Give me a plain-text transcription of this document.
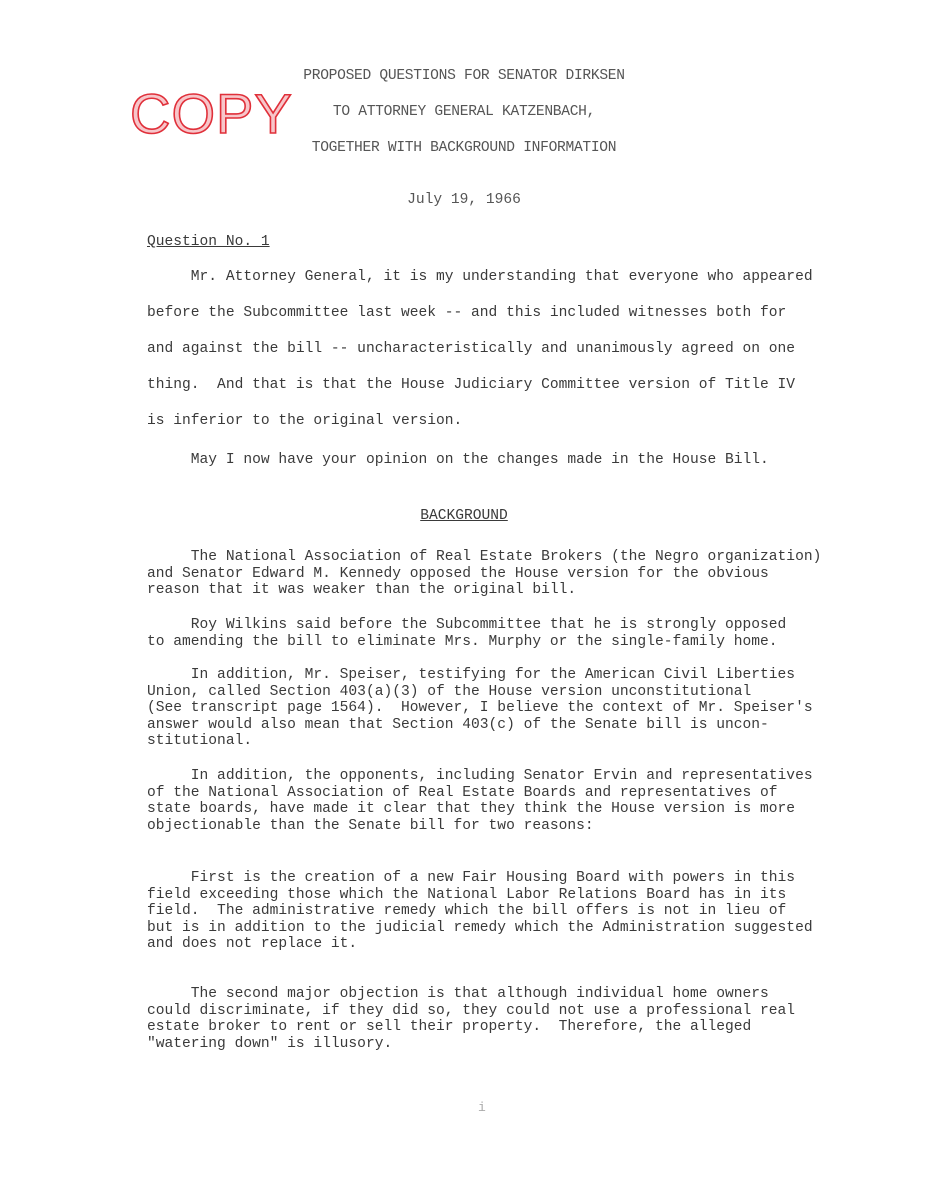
PROPOSED QUESTIONS FOR SENATOR DIRKSEN
TO ATTORNEY GENERAL KATZENBACH,
TOGETHER WITH BACKGROUND INFORMATION
COPY
July 19, 1966
Question No. 1
Mr. Attorney General, it is my understanding that everyone who appeared
before the Subcommittee last week -- and this included witnesses both for
and against the bill -- uncharacteristically and unanimously agreed on one
thing.  And that is that the House Judiciary Committee version of Title IV
is inferior to the original version.
May I now have your opinion on the changes made in the House Bill.
BACKGROUND
The National Association of Real Estate Brokers (the Negro organization)
and Senator Edward M. Kennedy opposed the House version for the obvious
reason that it was weaker than the original bill.
Roy Wilkins said before the Subcommittee that he is strongly opposed
to amending the bill to eliminate Mrs. Murphy or the single-family home.
In addition, Mr. Speiser, testifying for the American Civil Liberties
Union, called Section 403(a)(3) of the House version unconstitutional
(See transcript page 1564).  However, I believe the context of Mr. Speiser's
answer would also mean that Section 403(c) of the Senate bill is uncon-
stitutional.
In addition, the opponents, including Senator Ervin and representatives
of the National Association of Real Estate Boards and representatives of
state boards, have made it clear that they think the House version is more
objectionable than the Senate bill for two reasons:
First is the creation of a new Fair Housing Board with powers in this
field exceeding those which the National Labor Relations Board has in its
field.  The administrative remedy which the bill offers is not in lieu of
but is in addition to the judicial remedy which the Administration suggested
and does not replace it.
The second major objection is that although individual home owners
could discriminate, if they did so, they could not use a professional real
estate broker to rent or sell their property.  Therefore, the alleged
"watering down" is illusory.
i
